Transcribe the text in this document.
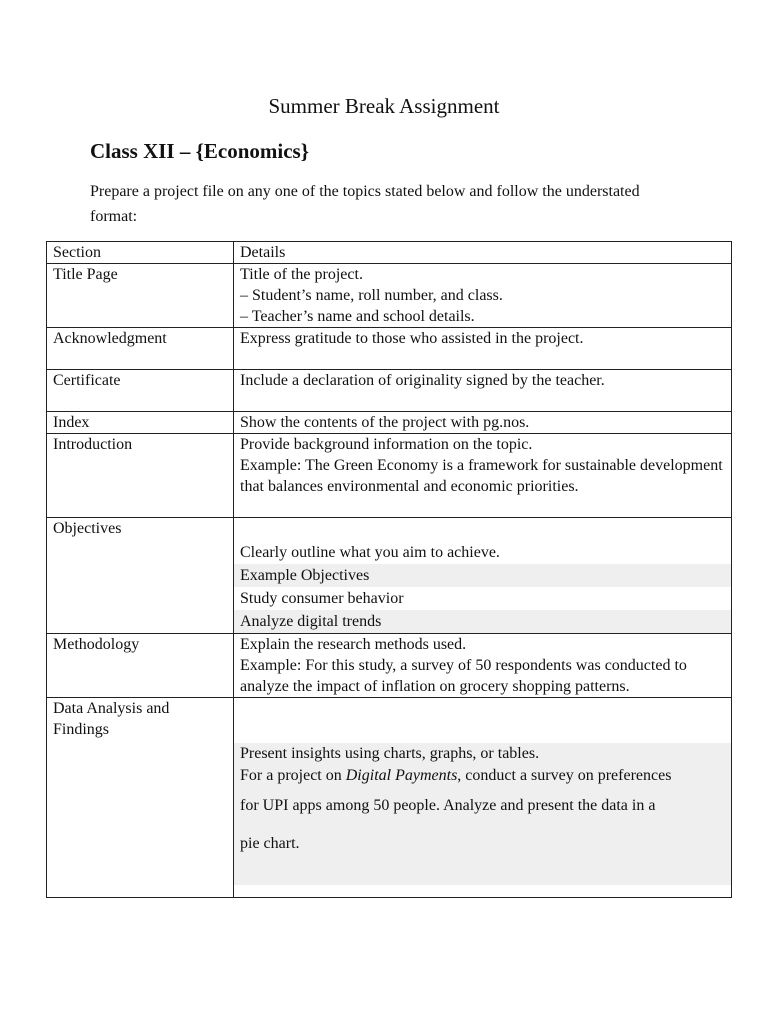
Summer Break Assignment
Class XII – {Economics}
Prepare a project file on any one of the topics stated below and follow the understated format:
Section	Details
Title Page	Title of the project.
– Student’s name, roll number, and class.
– Teacher’s name and school details.

Acknowledgment	Express gratitude to those who assisted in the project.

Certificate	Include a declaration of originality signed by the teacher.

Index	Show the contents of the project with pg.nos.

Introduction	Provide background information on the topic.
Example: The Green Economy is a framework for sustainable development that balances environmental and economic priorities.

Objectives	Clearly outline what you aim to achieve.
Example Objectives
Study consumer behavior
Analyze digital trends

Methodology	Explain the research methods used.
Example: For this study, a survey of 50 respondents was conducted to analyze the impact of inflation on grocery shopping patterns.

Data Analysis and Findings	Present insights using charts, graphs, or tables.
For a project on Digital Payments, conduct a survey on preferences
for UPI apps among 50 people. Analyze and present the data in a
pie chart.
